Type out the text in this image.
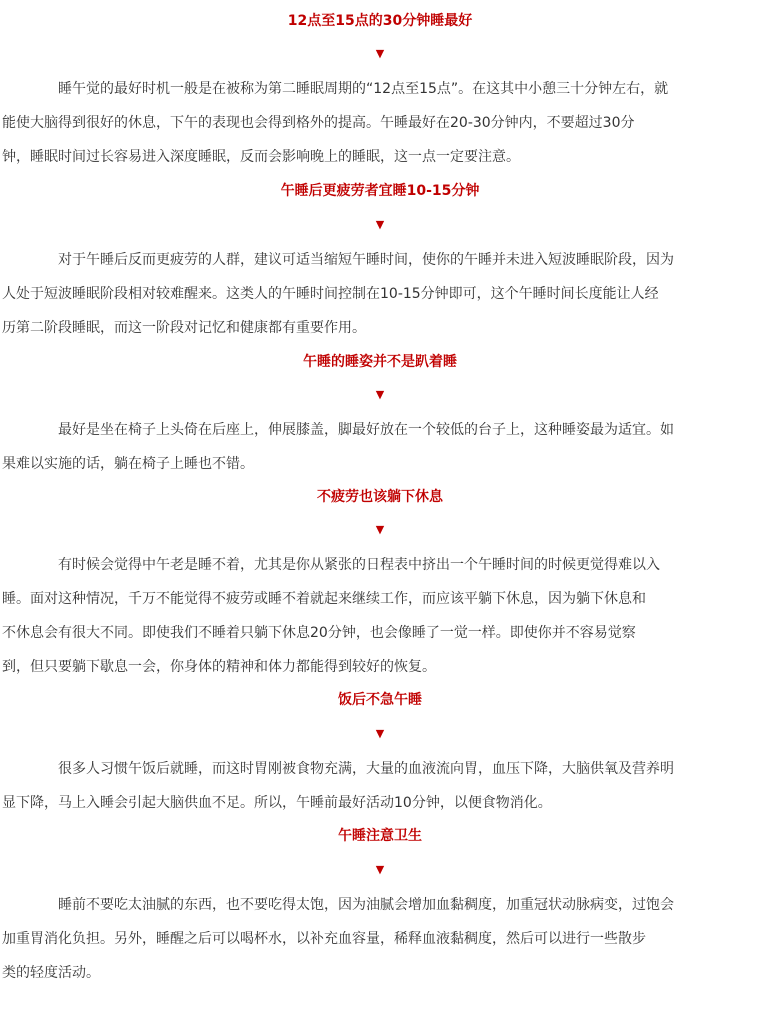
12点至15点的30分钟睡最好
▼

睡午觉的最好时机一般是在被称为第二睡眠周期的“12点至15点”。在这其中小憩三十分钟左右，就
能使大脑得到很好的休息，下午的表现也会得到格外的提高。午睡最好在20-30分钟内，不要超过30分
钟，睡眠时间过长容易进入深度睡眠，反而会影响晚上的睡眠，这一点一定要注意。

午睡后更疲劳者宜睡10-15分钟
▼

对于午睡后反而更疲劳的人群，建议可适当缩短午睡时间，使你的午睡并未进入短波睡眠阶段，因为
人处于短波睡眠阶段相对较难醒来。这类人的午睡时间控制在10-15分钟即可，这个午睡时间长度能让人经
历第二阶段睡眠，而这一阶段对记忆和健康都有重要作用。

午睡的睡姿并不是趴着睡
▼

最好是坐在椅子上头倚在后座上，伸展膝盖，脚最好放在一个较低的台子上，这种睡姿最为适宜。如
果难以实施的话，躺在椅子上睡也不错。

不疲劳也该躺下休息
▼

有时候会觉得中午老是睡不着，尤其是你从紧张的日程表中挤出一个午睡时间的时候更觉得难以入
睡。面对这种情况，千万不能觉得不疲劳或睡不着就起来继续工作，而应该平躺下休息，因为躺下休息和
不休息会有很大不同。即使我们不睡着只躺下休息20分钟，也会像睡了一觉一样。即使你并不容易觉察
到，但只要躺下歇息一会，你身体的精神和体力都能得到较好的恢复。

饭后不急午睡
▼

很多人习惯午饭后就睡，而这时胃刚被食物充满，大量的血液流向胃，血压下降，大脑供氧及营养明
显下降，马上入睡会引起大脑供血不足。所以，午睡前最好活动10分钟，以便食物消化。

午睡注意卫生
▼

睡前不要吃太油腻的东西，也不要吃得太饱，因为油腻会增加血黏稠度，加重冠状动脉病变，过饱会
加重胃消化负担。另外，睡醒之后可以喝杯水，以补充血容量，稀释血液黏稠度，然后可以进行一些散步
类的轻度活动。
